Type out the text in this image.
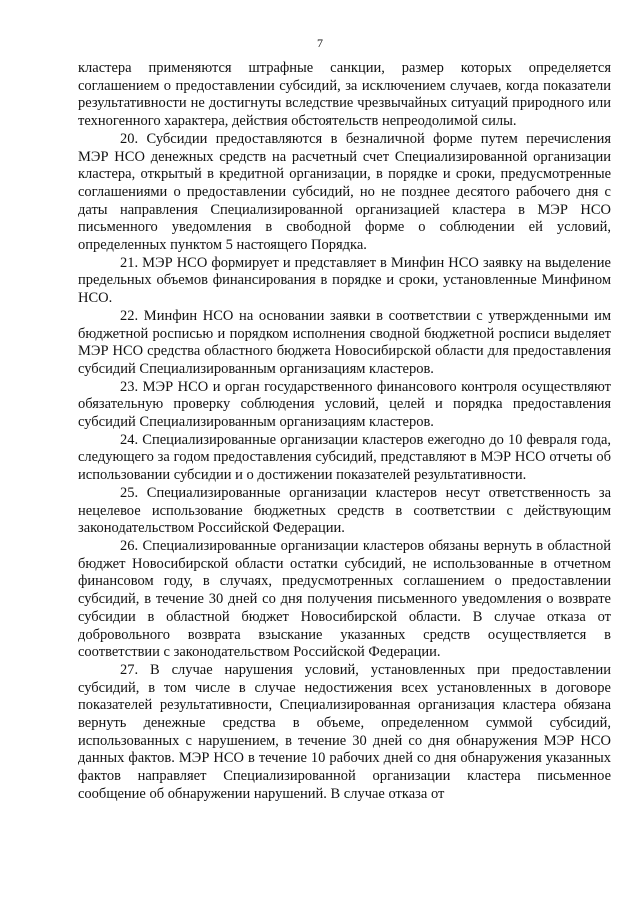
7

кластера применяются штрафные санкции, размер которых определяется соглашением о предоставлении субсидий, за исключением случаев, когда показатели результативности не достигнуты вследствие чрезвычайных ситуаций природного или техногенного характера, действия обстоятельств непреодолимой силы.

20. Субсидии предоставляются в безналичной форме путем перечисления МЭР НСО денежных средств на расчетный счет Специализированной организации кластера, открытый в кредитной организации, в порядке и сроки, предусмотренные соглашениями о предоставлении субсидий, но не позднее десятого рабочего дня с даты направления Специализированной организацией кластера в МЭР НСО письменного уведомления в свободной форме о соблюдении ей условий, определенных пунктом 5 настоящего Порядка.

21. МЭР НСО формирует и представляет в Минфин НСО заявку на выделение предельных объемов финансирования в порядке и сроки, установленные Минфином НСО.

22. Минфин НСО на основании заявки в соответствии с утвержденными им бюджетной росписью и порядком исполнения сводной бюджетной росписи выделяет МЭР НСО средства областного бюджета Новосибирской области для предоставления субсидий Специализированным организациям кластеров.

23. МЭР НСО и орган государственного финансового контроля осуществляют обязательную проверку соблюдения условий, целей и порядка предоставления субсидий Специализированным организациям кластеров.

24. Специализированные организации кластеров ежегодно до 10 февраля года, следующего за годом предоставления субсидий, представляют в МЭР НСО отчеты об использовании субсидии и о достижении показателей результативности.

25. Специализированные организации кластеров несут ответственность за нецелевое использование бюджетных средств в соответствии с действующим законодательством Российской Федерации.

26. Специализированные организации кластеров обязаны вернуть в областной бюджет Новосибирской области остатки субсидий, не использованные в отчетном финансовом году, в случаях, предусмотренных соглашением о предоставлении субсидий, в течение 30 дней со дня получения письменного уведомления о возврате субсидии в областной бюджет Новосибирской области. В случае отказа от добровольного возврата взыскание указанных средств осуществляется в соответствии с законодательством Российской Федерации.

27. В случае нарушения условий, установленных при предоставлении субсидий, в том числе в случае недостижения всех установленных в договоре показателей результативности, Специализированная организация кластера обязана вернуть денежные средства в объеме, определенном суммой субсидий, использованных с нарушением, в течение 30 дней со дня обнаружения МЭР НСО данных фактов. МЭР НСО в течение 10 рабочих дней со дня обнаружения указанных фактов направляет Специализированной организации кластера письменное сообщение об обнаружении нарушений. В случае отказа от
